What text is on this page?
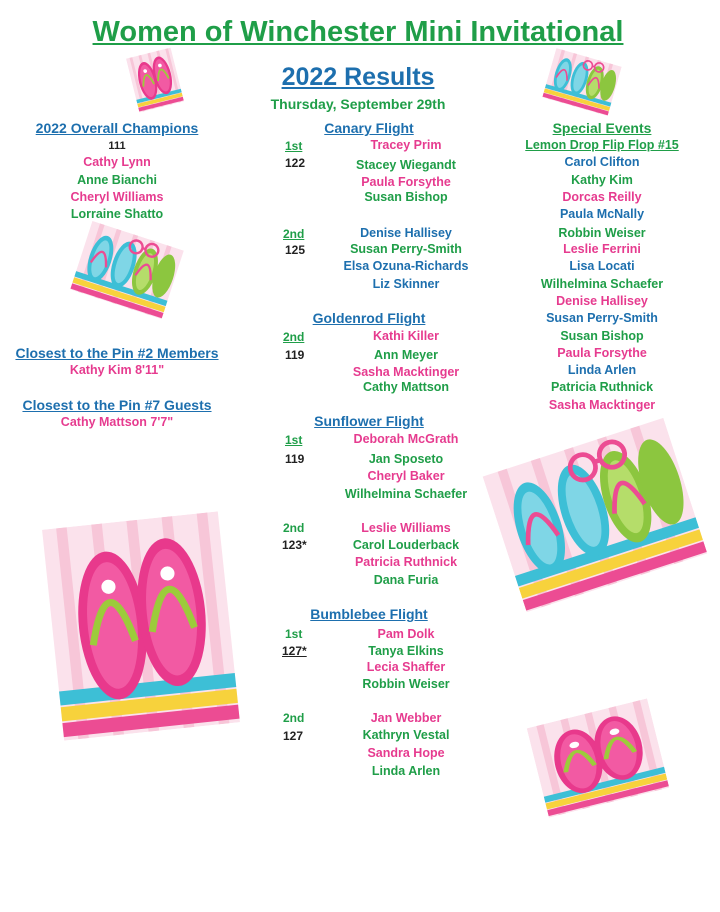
Women of Winchester Mini Invitational
2022 Results
Thursday, September 29th
2022 Overall Champions
111
Cathy Lynn
Anne Bianchi
Cheryl Williams
Lorraine Shatto
Closest to the Pin #2 Members
Kathy Kim 8'11"
Closest to the Pin #7 Guests
Cathy Mattson 7'7"
Canary Flight
1st
122
Tracey Prim
Stacey Wiegandt
Paula Forsythe
Susan Bishop
2nd
125
Denise Hallisey
Susan Perry-Smith
Elsa Ozuna-Richards
Liz Skinner
Goldenrod Flight
2nd
119
Kathi Killer
Ann Meyer
Sasha Macktinger
Cathy Mattson
Sunflower Flight
1st
119
Deborah McGrath
Jan Sposeto
Cheryl Baker
Wilhelmina Schaefer
2nd
123*
Leslie Williams
Carol Louderback
Patricia Ruthnick
Dana Furia
Bumblebee Flight
1st
127*
Pam Dolk
Tanya Elkins
Lecia Shaffer
Robbin Weiser
2nd
127
Jan Webber
Kathryn Vestal
Sandra Hope
Linda Arlen
Special Events
Lemon Drop Flip Flop #15
Carol Clifton
Kathy Kim
Dorcas Reilly
Paula McNally
Robbin Weiser
Leslie Ferrini
Lisa Locati
Wilhelmina Schaefer
Denise Hallisey
Susan Perry-Smith
Susan Bishop
Paula Forsythe
Linda Arlen
Patricia Ruthnick
Sasha Macktinger
